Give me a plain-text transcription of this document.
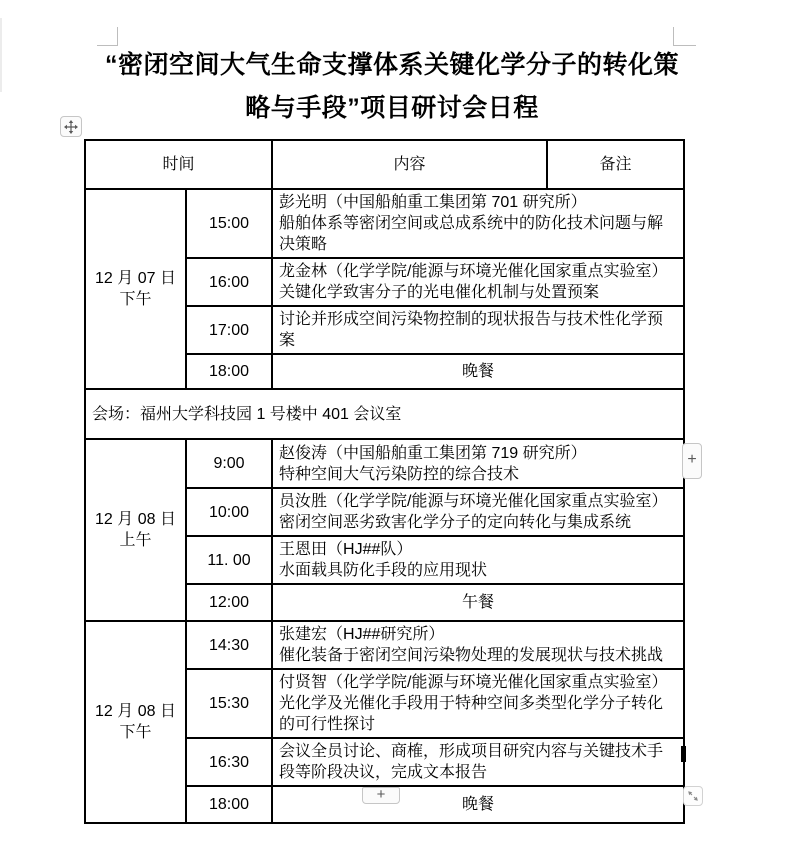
“密闭空间大气生命支撑体系关键化学分子的转化策
略与手段”项目研讨会日程
时间		内容	备注

12 月 07 日
下午	15:00	彭光明（中国船舶重工集团第 701 研究所）
船舶体系等密闭空间或总成系统中的防化技术问题与解决策略	

	16:00	龙金林（化学学院/能源与环境光催化国家重点实验室）
关键化学致害分子的光电催化机制与处置预案	

	17:00	讨论并形成空间污染物控制的现状报告与技术性化学预案	
	18:00	晚餐	
会场：福州大学科技园 1 号楼中 401 会议室			

12 月 08 日
上午	9:00	赵俊涛（中国船舶重工集团第 719 研究所）
特种空间大气污染防控的综合技术	

	10:00	员汝胜（化学学院/能源与环境光催化国家重点实验室）
密闭空间恶劣致害化学分子的定向转化与集成系统	

	11. 00	王恩田（HJ##队）
水面载具防化手段的应用现状	

	12:00	午餐	

12 月 08 日
下午	14:30	张建宏（HJ##研究所）
催化装备于密闭空间污染物处理的发展现状与技术挑战	

	15:30	付贤智（化学学院/能源与环境光催化国家重点实验室）
光化学及光催化手段用于特种空间多类型化学分子转化的可行性探讨	

	16:30	会议全员讨论、商榷，形成项目研究内容与关键技术手段等阶段决议，完成文本报告	
	18:00	晚餐	
+
+
